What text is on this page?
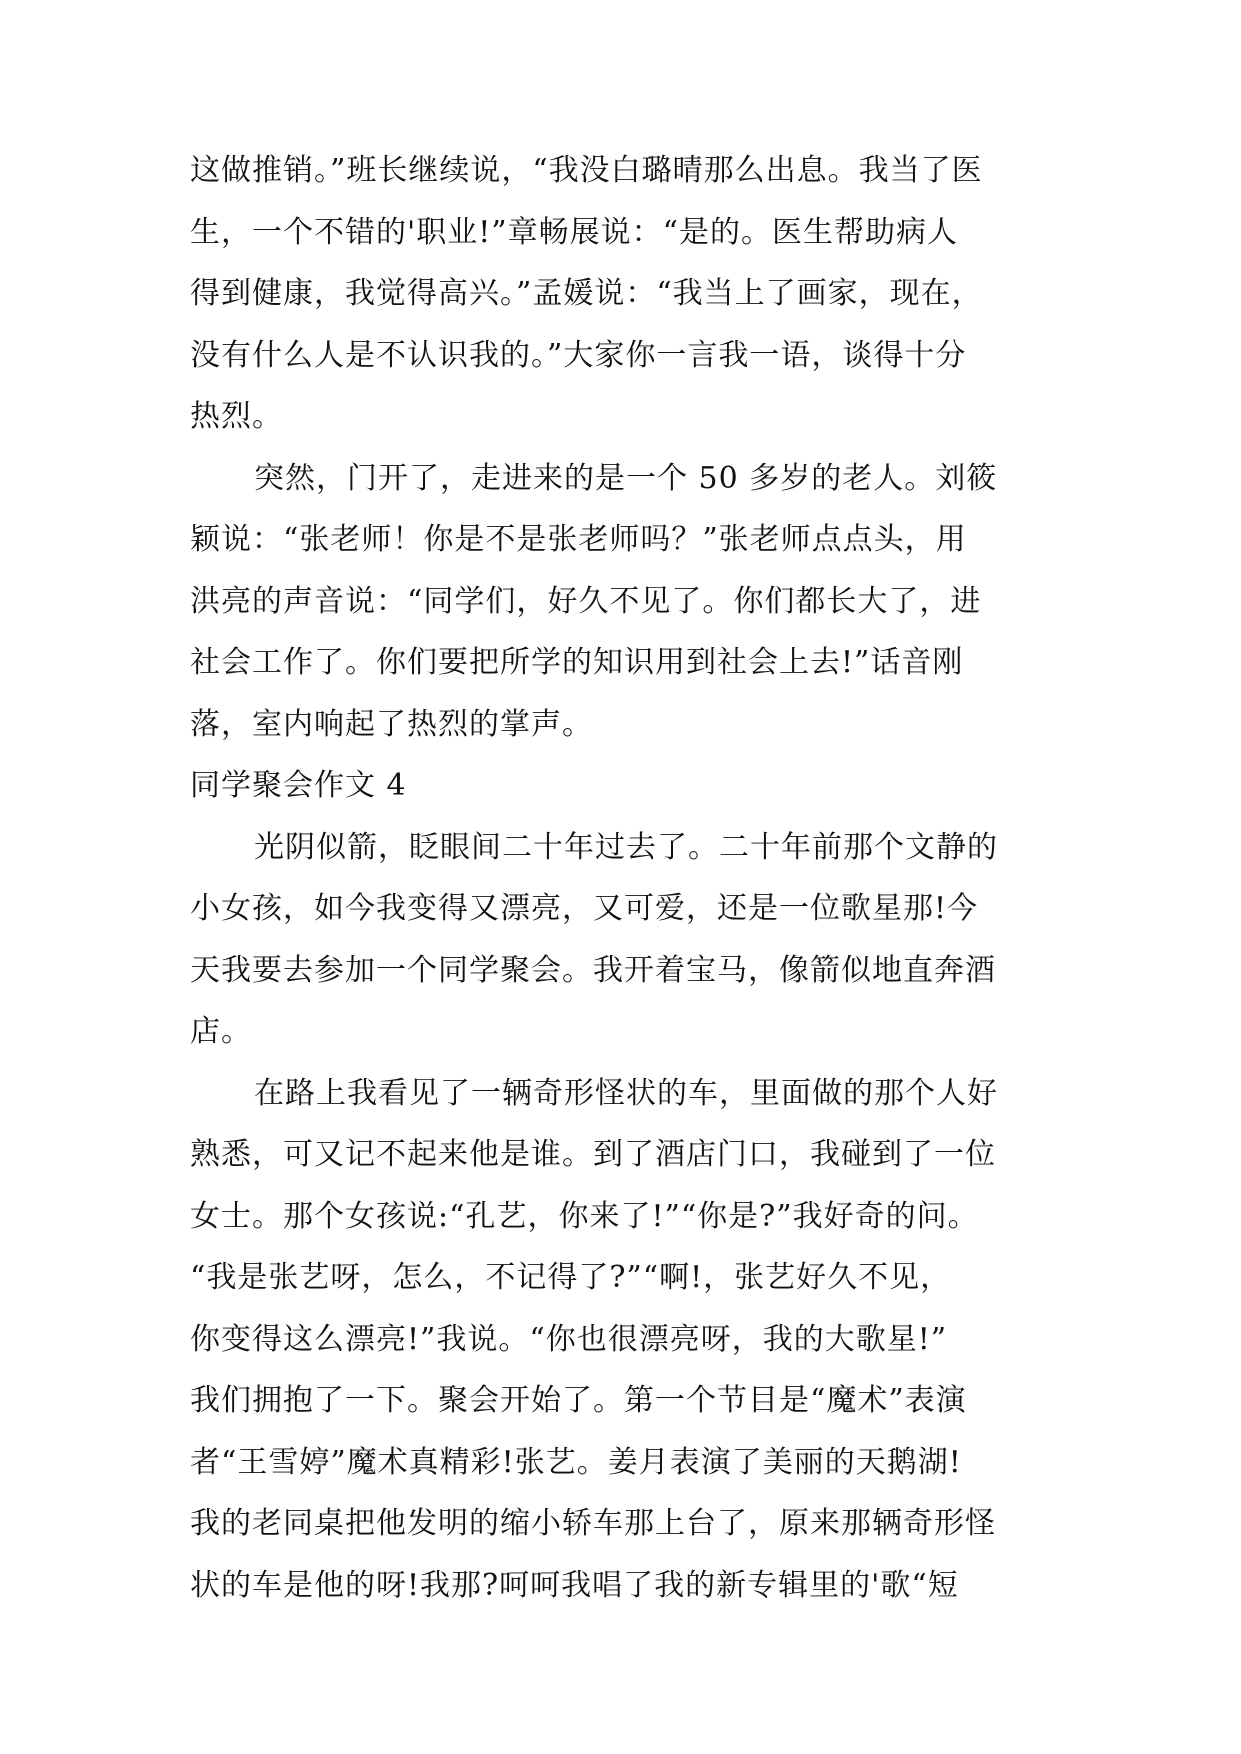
这做推销。”班长继续说，“我没白璐晴那么出息。我当了医
生，一个不错的'职业!”章畅展说：“是的。医生帮助病人
得到健康，我觉得高兴。”孟媛说：“我当上了画家，现在，
没有什么人是不认识我的。”大家你一言我一语，谈得十分
热烈。
突然，门开了，走进来的是一个 50 多岁的老人。刘筱
颖说：“张老师！你是不是张老师吗？”张老师点点头，用
洪亮的声音说：“同学们，好久不见了。你们都长大了，进
社会工作了。你们要把所学的知识用到社会上去!”话音刚
落，室内响起了热烈的掌声。
同学聚会作文 4
光阴似箭，眨眼间二十年过去了。二十年前那个文静的
小女孩，如今我变得又漂亮，又可爱，还是一位歌星那!今
天我要去参加一个同学聚会。我开着宝马，像箭似地直奔酒
店。
在路上我看见了一辆奇形怪状的车，里面做的那个人好
熟悉，可又记不起来他是谁。到了酒店门口，我碰到了一位
女士。那个女孩说:“孔艺，你来了!”“你是?”我好奇的问。
“我是张艺呀，怎么，不记得了?”“啊!，张艺好久不见，
你变得这么漂亮!”我说。“你也很漂亮呀，我的大歌星!”
我们拥抱了一下。聚会开始了。第一个节目是“魔术”表演
者“王雪婷”魔术真精彩!张艺。姜月表演了美丽的天鹅湖!
我的老同桌把他发明的缩小轿车那上台了，原来那辆奇形怪
状的车是他的呀!我那?呵呵我唱了我的新专辑里的'歌“短
